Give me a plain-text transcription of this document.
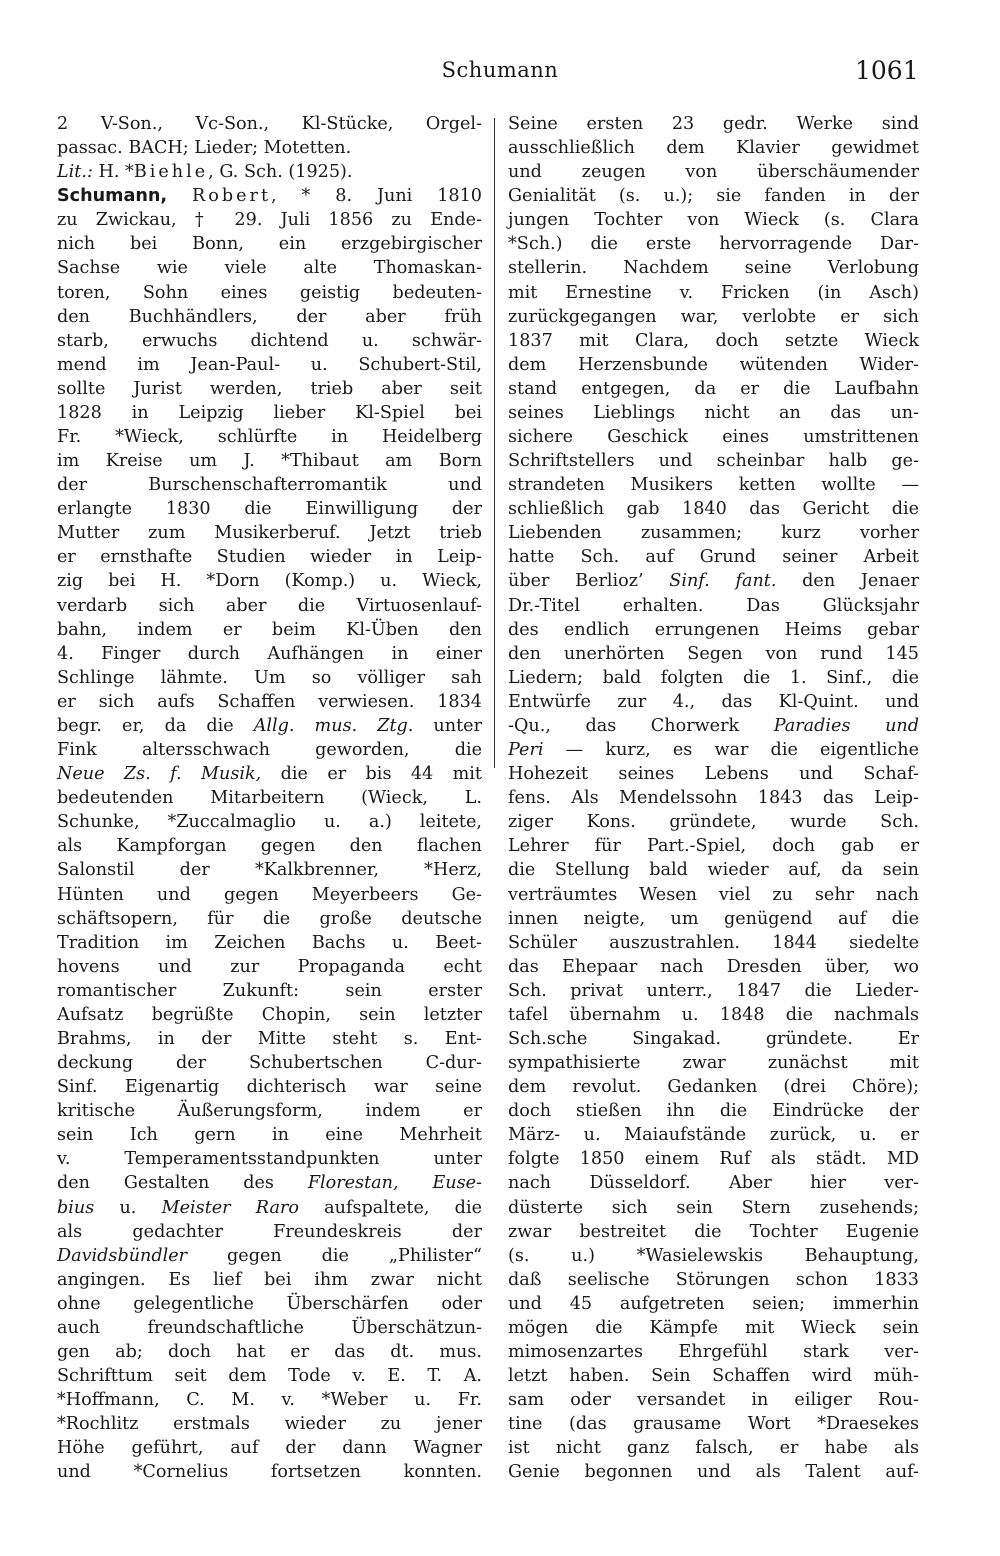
Schumann	1061
2 V-Son., Vc-Son., Kl-Stücke, Orgel-
passac. BACH; Lieder; Motetten.
Lit.: H. *Biehle, G. Sch. (1925).
Schumann, Robert, * 8. Juni 1810
zu Zwickau, † 29. Juli 1856 zu Ende-
nich bei Bonn, ein erzgebirgischer
Sachse wie viele alte Thomaskan-
toren, Sohn eines geistig bedeuten-
den Buchhändlers, der aber früh
starb, erwuchs dichtend u. schwär-
mend im Jean-Paul- u. Schubert-Stil,
sollte Jurist werden, trieb aber seit
1828 in Leipzig lieber Kl-Spiel bei
Fr. *Wieck, schlürfte in Heidelberg
im Kreise um J. *Thibaut am Born
der Burschenschafterromantik und
erlangte 1830 die Einwilligung der
Mutter zum Musikerberuf. Jetzt trieb
er ernsthafte Studien wieder in Leip-
zig bei H. *Dorn (Komp.) u. Wieck,
verdarb sich aber die Virtuosenlauf-
bahn, indem er beim Kl-Üben den
4. Finger durch Aufhängen in einer
Schlinge lähmte. Um so völliger sah
er sich aufs Schaffen verwiesen. 1834
begr. er, da die Allg. mus. Ztg. unter
Fink altersschwach geworden, die
Neue Zs. f. Musik, die er bis 44 mit
bedeutenden Mitarbeitern (Wieck, L.
Schunke, *Zuccalmaglio u. a.) leitete,
als Kampforgan gegen den flachen
Salonstil der *Kalkbrenner, *Herz,
Hünten und gegen Meyerbeers Ge-
schäftsopern, für die große deutsche
Tradition im Zeichen Bachs u. Beet-
hovens und zur Propaganda echt
romantischer Zukunft: sein erster
Aufsatz begrüßte Chopin, sein letzter
Brahms, in der Mitte steht s. Ent-
deckung der Schubertschen C-dur-
Sinf. Eigenartig dichterisch war seine
kritische Äußerungsform, indem er
sein Ich gern in eine Mehrheit
v. Temperamentsstandpunkten unter
den Gestalten des Florestan, Euse-
bius u. Meister Raro aufspaltete, die
als gedachter Freundeskreis der
Davidsbündler gegen die „Philister“
angingen. Es lief bei ihm zwar nicht
ohne gelegentliche Überschärfen oder
auch freundschaftliche Überschätzun-
gen ab; doch hat er das dt. mus.
Schrifttum seit dem Tode v. E. T. A.
*Hoffmann, C. M. v. *Weber u. Fr.
*Rochlitz erstmals wieder zu jener
Höhe geführt, auf der dann Wagner
und *Cornelius fortsetzen konnten.
Seine ersten 23 gedr. Werke sind
ausschließlich dem Klavier gewidmet
und zeugen von überschäumender
Genialität (s. u.); sie fanden in der
jungen Tochter von Wieck (s. Clara
*Sch.) die erste hervorragende Dar-
stellerin. Nachdem seine Verlobung
mit Ernestine v. Fricken (in Asch)
zurückgegangen war, verlobte er sich
1837 mit Clara, doch setzte Wieck
dem Herzensbunde wütenden Wider-
stand entgegen, da er die Laufbahn
seines Lieblings nicht an das un-
sichere Geschick eines umstrittenen
Schriftstellers und scheinbar halb ge-
strandeten Musikers ketten wollte —
schließlich gab 1840 das Gericht die
Liebenden zusammen; kurz vorher
hatte Sch. auf Grund seiner Arbeit
über Berlioz’ Sinf. fant. den Jenaer
Dr.-Titel erhalten. Das Glücksjahr
des endlich errungenen Heims gebar
den unerhörten Segen von rund 145
Liedern; bald folgten die 1. Sinf., die
Entwürfe zur 4., das Kl-Quint. und
-Qu., das Chorwerk Paradies und
Peri — kurz, es war die eigentliche
Hohezeit seines Lebens und Schaf-
fens. Als Mendelssohn 1843 das Leip-
ziger Kons. gründete, wurde Sch.
Lehrer für Part.-Spiel, doch gab er
die Stellung bald wieder auf, da sein
verträumtes Wesen viel zu sehr nach
innen neigte, um genügend auf die
Schüler auszustrahlen. 1844 siedelte
das Ehepaar nach Dresden über, wo
Sch. privat unterr., 1847 die Lieder-
tafel übernahm u. 1848 die nachmals
Sch.sche Singakad. gründete. Er
sympathisierte zwar zunächst mit
dem revolut. Gedanken (drei Chöre);
doch stießen ihn die Eindrücke der
März- u. Maiaufstände zurück, u. er
folgte 1850 einem Ruf als städt. MD
nach Düsseldorf. Aber hier ver-
düsterte sich sein Stern zusehends;
zwar bestreitet die Tochter Eugenie
(s. u.) *Wasielewskis Behauptung,
daß seelische Störungen schon 1833
und 45 aufgetreten seien; immerhin
mögen die Kämpfe mit Wieck sein
mimosenzartes Ehrgefühl stark ver-
letzt haben. Sein Schaffen wird müh-
sam oder versandet in eiliger Rou-
tine (das grausame Wort *Draesekes
ist nicht ganz falsch, er habe als
Genie begonnen und als Talent auf-
